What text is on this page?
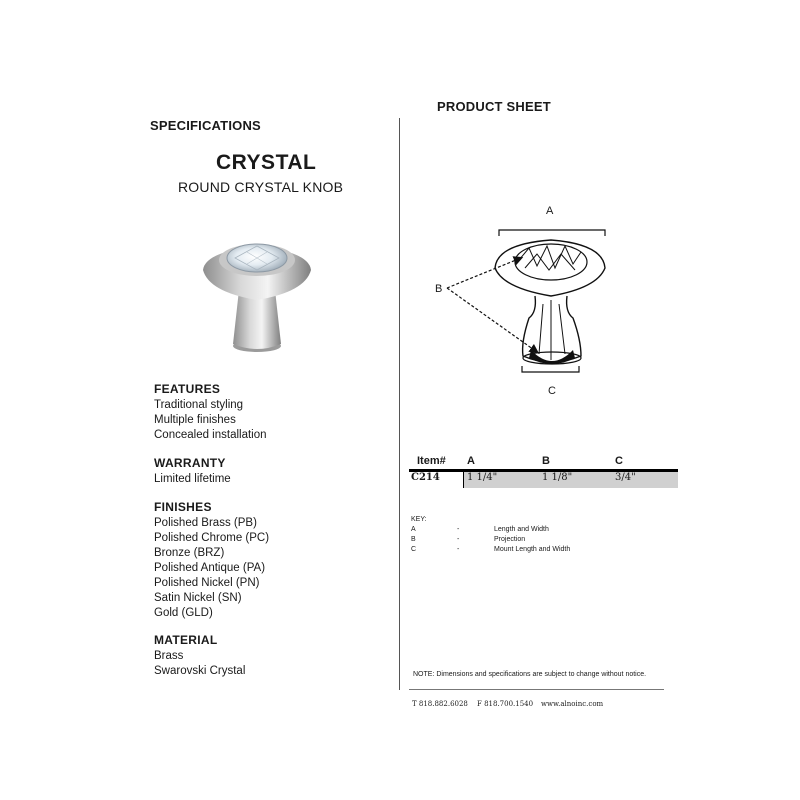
SPECIFICATIONS
PRODUCT SHEET
CRYSTAL
ROUND CRYSTAL KNOB
FEATURES
Traditional styling
Multiple finishes
Concealed installation
WARRANTY
Limited lifetime
FINISHES
Polished Brass (PB)
Polished Chrome (PC)
Bronze (BRZ)
Polished Antique (PA)
Polished Nickel (PN)
Satin Nickel (SN)
Gold (GLD)
MATERIAL
Brass
Swarovski Crystal
A
B
C
Item# A	B	C
C214	1 1/4"	1 1/8"	3/4"
KEY:
A	-	Length and Width
B	-	Projection
C	-	Mount Length and Width
NOTE: Dimensions and specifications are subject to change without notice.
T 818.882.6028 F 818.700.1540 www.alnoinc.com
